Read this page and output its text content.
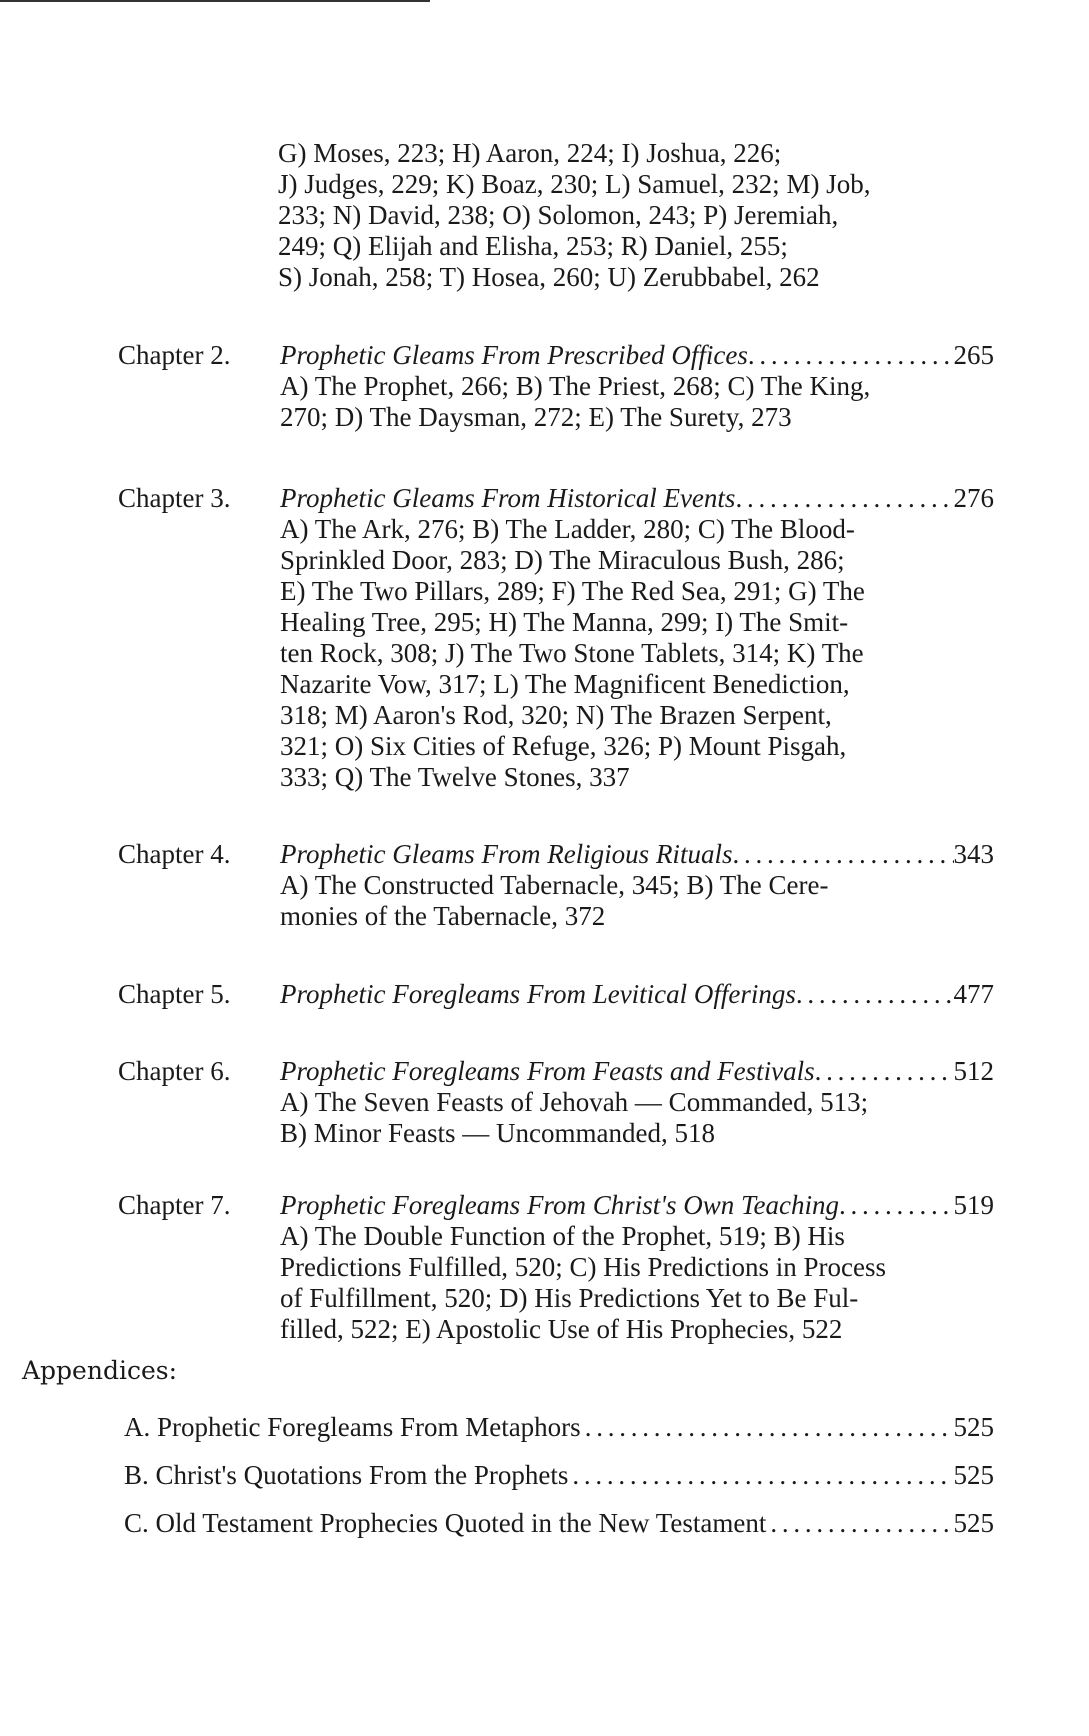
G) Moses, 223; H) Aaron, 224; I) Joshua, 226;
J) Judges, 229; K) Boaz, 230; L) Samuel, 232; M) Job,
233; N) David, 238; O) Solomon, 243; P) Jeremiah,
249; Q) Elijah and Elisha, 253; R) Daniel, 255;
S) Jonah, 258; T) Hosea, 260; U) Zerubbabel, 262
Chapter 2.	Prophetic Gleams From Prescribed Offices . . .	265
A) The Prophet, 266; B) The Priest, 268; C) The King,
270; D) The Daysman, 272; E) The Surety, 273
Chapter 3.	Prophetic Gleams From Historical Events . . .	276
A) The Ark, 276; B) The Ladder, 280; C) The Blood-
Sprinkled Door, 283; D) The Miraculous Bush, 286;
E) The Two Pillars, 289; F) The Red Sea, 291; G) The
Healing Tree, 295; H) The Manna, 299; I) The Smit-
ten Rock, 308; J) The Two Stone Tablets, 314; K) The
Nazarite Vow, 317; L) The Magnificent Benediction,
318; M) Aaron's Rod, 320; N) The Brazen Serpent,
321; O) Six Cities of Refuge, 326; P) Mount Pisgah,
333; Q) The Twelve Stones, 337
Chapter 4.	Prophetic Gleams From Religious Rituals . . .	343
A) The Constructed Tabernacle, 345; B) The Cere-
monies of the Tabernacle, 372
Chapter 5.	Prophetic Foregleams From Levitical Offerings . . .	477
Chapter 6.	Prophetic Foregleams From Feasts and Festivals . . .	512
A) The Seven Feasts of Jehovah — Commanded, 513;
B) Minor Feasts — Uncommanded, 518
Chapter 7.	Prophetic Foregleams From Christ's Own Teaching . . .	519
A) The Double Function of the Prophet, 519; B) His
Predictions Fulfilled, 520; C) His Predictions in Process
of Fulfillment, 520; D) His Predictions Yet to Be Ful-
filled, 522; E) Apostolic Use of His Prophecies, 522
Appendices:
A. Prophetic Foregleams From Metaphors . . .	525
B. Christ's Quotations From the Prophets . . .	525
C. Old Testament Prophecies Quoted in the New Testament . . .	525
